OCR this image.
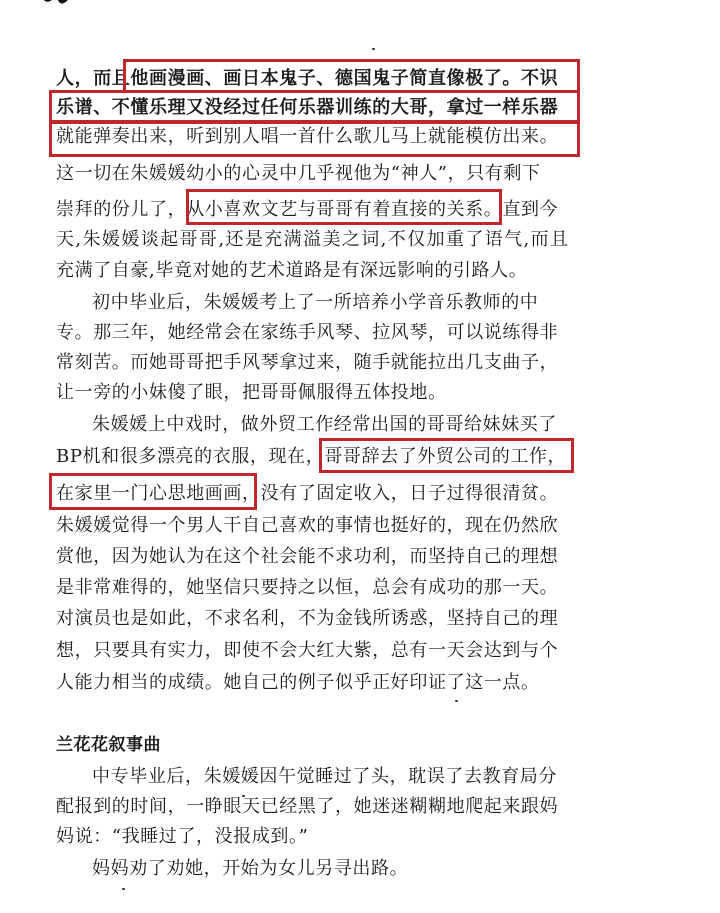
人，而且他画漫画、画日本鬼子、德国鬼子简直像极了。不识
乐谱、不懂乐理又没经过任何乐器训练的大哥，拿过一样乐器
就能弹奏出来，听到别人唱一首什么歌儿马上就能模仿出来。
这一切在朱媛媛幼小的心灵中几乎视他为“神人”，只有剩下
崇拜的份儿了，从小喜欢文艺与哥哥有着直接的关系。直到今
天,朱媛媛谈起哥哥,还是充满溢美之词,不仅加重了语气,而且
充满了自豪,毕竟对她的艺术道路是有深远影响的引路人。
初中毕业后，朱媛媛考上了一所培养小学音乐教师的中
专。那三年，她经常会在家练手风琴、拉风琴，可以说练得非
常刻苦。而她哥哥把手风琴拿过来，随手就能拉出几支曲子，
让一旁的小妹傻了眼，把哥哥佩服得五体投地。
朱媛媛上中戏时，做外贸工作经常出国的哥哥给妹妹买了
BP机和很多漂亮的衣服，现在，哥哥辞去了外贸公司的工作，
在家里一门心思地画画，没有了固定收入，日子过得很清贫。
朱媛媛觉得一个男人干自己喜欢的事情也挺好的，现在仍然欣
赏他，因为她认为在这个社会能不求功利，而坚持自己的理想
是非常难得的，她坚信只要持之以恒，总会有成功的那一天。
对演员也是如此，不求名利，不为金钱所诱惑，坚持自己的理
想，只要具有实力，即使不会大红大紫，总有一天会达到与个
人能力相当的成绩。她自己的例子似乎正好印证了这一点。
兰花花叙事曲
中专毕业后，朱媛媛因午觉睡过了头，耽误了去教育局分
配报到的时间，一睁眼天已经黑了，她迷迷糊糊地爬起来跟妈
妈说：“我睡过了，没报成到。”
妈妈劝了劝她，开始为女儿另寻出路。
